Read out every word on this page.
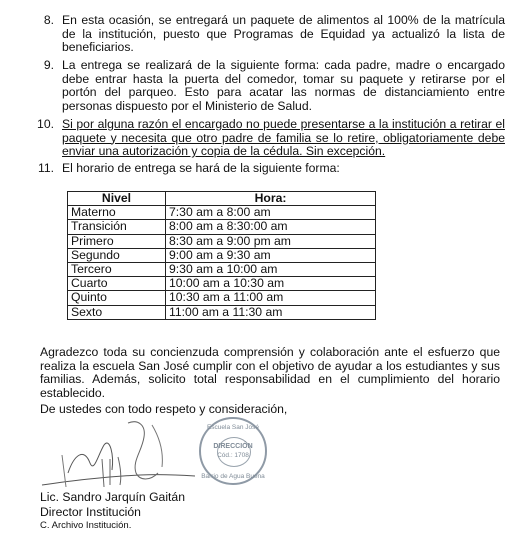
8. En esta ocasión, se entregará un paquete de alimentos al 100% de la matrícula de la institución, puesto que Programas de Equidad ya actualizó la lista de beneficiarios.
9. La entrega se realizará de la siguiente forma: cada padre, madre o encargado debe entrar hasta la puerta del comedor, tomar su paquete y retirarse por el portón del parqueo. Esto para acatar las normas de distanciamiento entre personas dispuesto por el Ministerio de Salud.
10. Si por alguna razón el encargado no puede presentarse a la institución a retirar el paquete y necesita que otro padre de familia se lo retire, obligatoriamente debe enviar una autorización y copia de la cédula. Sin excepción.
11. El horario de entrega se hará de la siguiente forma:
Nivel	Hora:
Materno	7:30 am a 8:00 am
Transición	8:00 am a 8:30:00 am
Primero	8:30 am a 9:00 pm am
Segundo	9:00 am a 9:30 am
Tercero	9:30 am a 10:00 am
Cuarto	10:00 am a 10:30 am
Quinto	10:30 am a 11:00 am
Sexto	11:00 am a 11:30 am
Agradezco toda su concienzuda comprensión y colaboración ante el esfuerzo que realiza la escuela San José cumplir con el objetivo de ayudar a los estudiantes y sus familias. Además, solicito total responsabilidad en el cumplimiento del horario establecido.
De ustedes con todo respeto y consideración,
Escuela San José
DIRECCIÓN
Cód.: 1708
Barrio de Agua Buena
Lic. Sandro Jarquín Gaitán
Director Institución
C. Archivo Institución.
